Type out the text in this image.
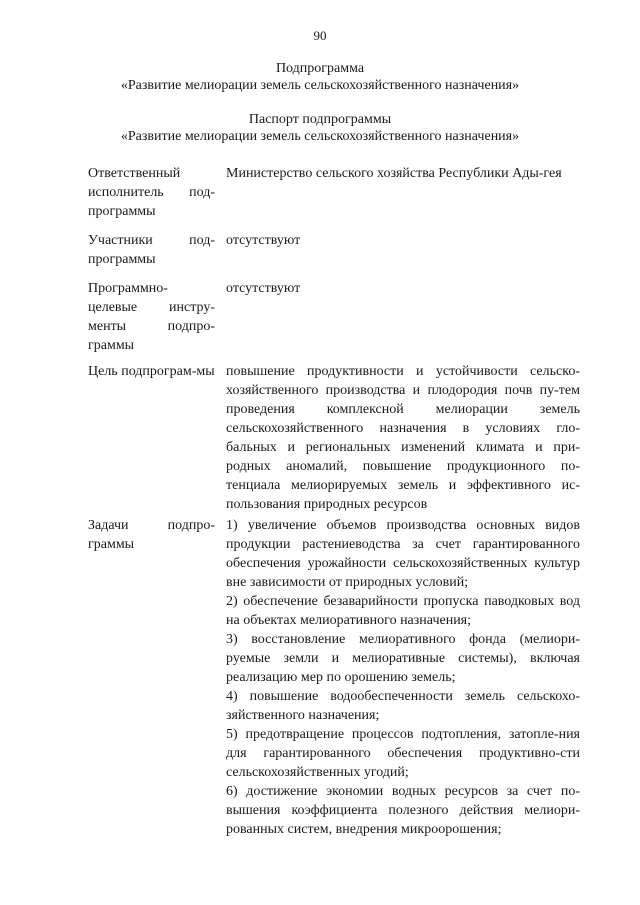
90
Подпрограмма
«Развитие мелиорации земель сельскохозяйственного назначения»
Паспорт подпрограммы
«Развитие мелиорации земель сельскохозяйственного назначения»
Ответственный исполнитель под-программы

Министерство сельского хозяйства Республики Ады-гея

Участники под-программы

отсутствуют

Программно-целевые инстру-менты подпро-граммы

отсутствуют

Цель подпрограм-мы повышение продуктивности и устойчивости сельско-хозяйственного производства и плодородия почв пу-тем проведения комплексной мелиорации земель сельскохозяйственного назначения в условиях гло-бальных и региональных изменений климата и при-родных аномалий, повышение продукционного по-тенциала мелиорируемых земель и эффективного ис-пользования природных ресурсов

Задачи подпро-граммы

1) увеличение объемов производства основных видов продукции растениеводства за счет гарантированного обеспечения урожайности сельскохозяйственных культур вне зависимости от природных условий;

2) обеспечение безаварийности пропуска паводковых вод на объектах мелиоративного назначения;

3) восстановление мелиоративного фонда (мелиори-руемые земли и мелиоративные системы), включая реализацию мер по орошению земель;

4) повышение водообеспеченности земель сельскохо-зяйственного назначения;

5) предотвращение процессов подтопления, затопле-ния для гарантированного обеспечения продуктивно-сти сельскохозяйственных угодий;

6) достижение экономии водных ресурсов за счет по-вышения коэффициента полезного действия мелиори-рованных систем, внедрения микроорошения;
